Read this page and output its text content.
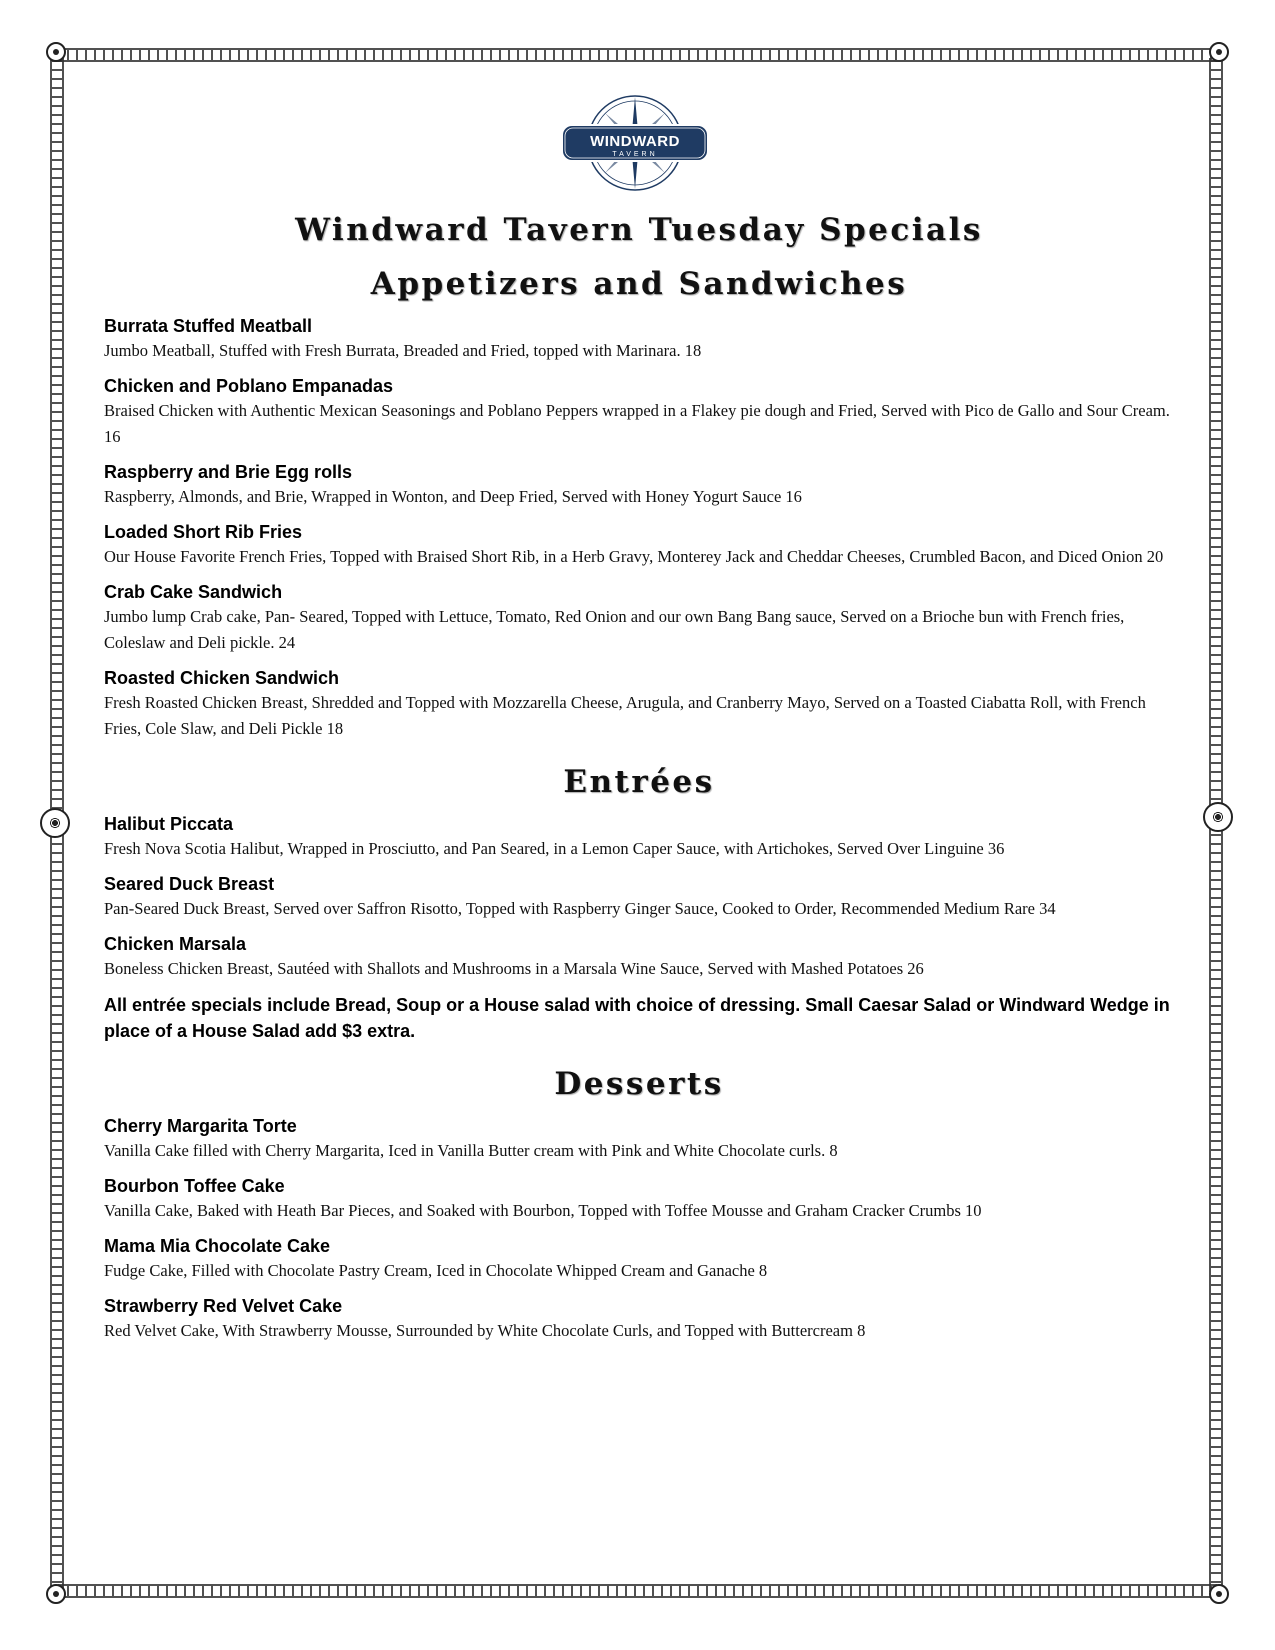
WINDWARD
TAVERN
Windward Tavern Tuesday Specials
Appetizers and Sandwiches

Burrata Stuffed Meatball

Jumbo Meatball, Stuffed with Fresh Burrata, Breaded and Fried, topped with Marinara. 18

Chicken and Poblano Empanadas

Braised Chicken with Authentic Mexican Seasonings and Poblano Peppers wrapped in a Flakey pie dough and Fried, Served with Pico de Gallo and Sour Cream. 16

Raspberry and Brie Egg rolls

Raspberry, Almonds, and Brie, Wrapped in Wonton, and Deep Fried, Served with Honey Yogurt Sauce 16

Loaded Short Rib Fries

Our House Favorite French Fries, Topped with Braised Short Rib, in a Herb Gravy, Monterey Jack and Cheddar Cheeses, Crumbled Bacon, and Diced Onion 20

Crab Cake Sandwich

Jumbo lump Crab cake, Pan- Seared, Topped with Lettuce, Tomato, Red Onion and our own Bang Bang sauce, Served on a Brioche bun with French fries, Coleslaw and Deli pickle. 24

Roasted Chicken Sandwich

Fresh Roasted Chicken Breast, Shredded and Topped with Mozzarella Cheese, Arugula, and Cranberry Mayo, Served on a Toasted Ciabatta Roll, with French Fries, Cole Slaw, and Deli Pickle 18

Entrées

Halibut Piccata

Fresh Nova Scotia Halibut, Wrapped in Prosciutto, and Pan Seared, in a Lemon Caper Sauce, with Artichokes, Served Over Linguine 36

Seared Duck Breast

Pan-Seared Duck Breast, Served over Saffron Risotto, Topped with Raspberry Ginger Sauce, Cooked to Order, Recommended Medium Rare 34

Chicken Marsala

Boneless Chicken Breast, Sautéed with Shallots and Mushrooms in a Marsala Wine Sauce, Served with Mashed Potatoes 26

All entrée specials include Bread, Soup or a House salad with choice of dressing. Small Caesar Salad or Windward Wedge in place of a House Salad add $3 extra.

Desserts

Cherry Margarita Torte

Vanilla Cake filled with Cherry Margarita, Iced in Vanilla Butter cream with Pink and White Chocolate curls. 8

Bourbon Toffee Cake

Vanilla Cake, Baked with Heath Bar Pieces, and Soaked with Bourbon, Topped with Toffee Mousse and Graham Cracker Crumbs 10

Mama Mia Chocolate Cake

Fudge Cake, Filled with Chocolate Pastry Cream, Iced in Chocolate Whipped Cream and Ganache 8

Strawberry Red Velvet Cake

Red Velvet Cake, With Strawberry Mousse, Surrounded by White Chocolate Curls, and Topped with Buttercream 8
